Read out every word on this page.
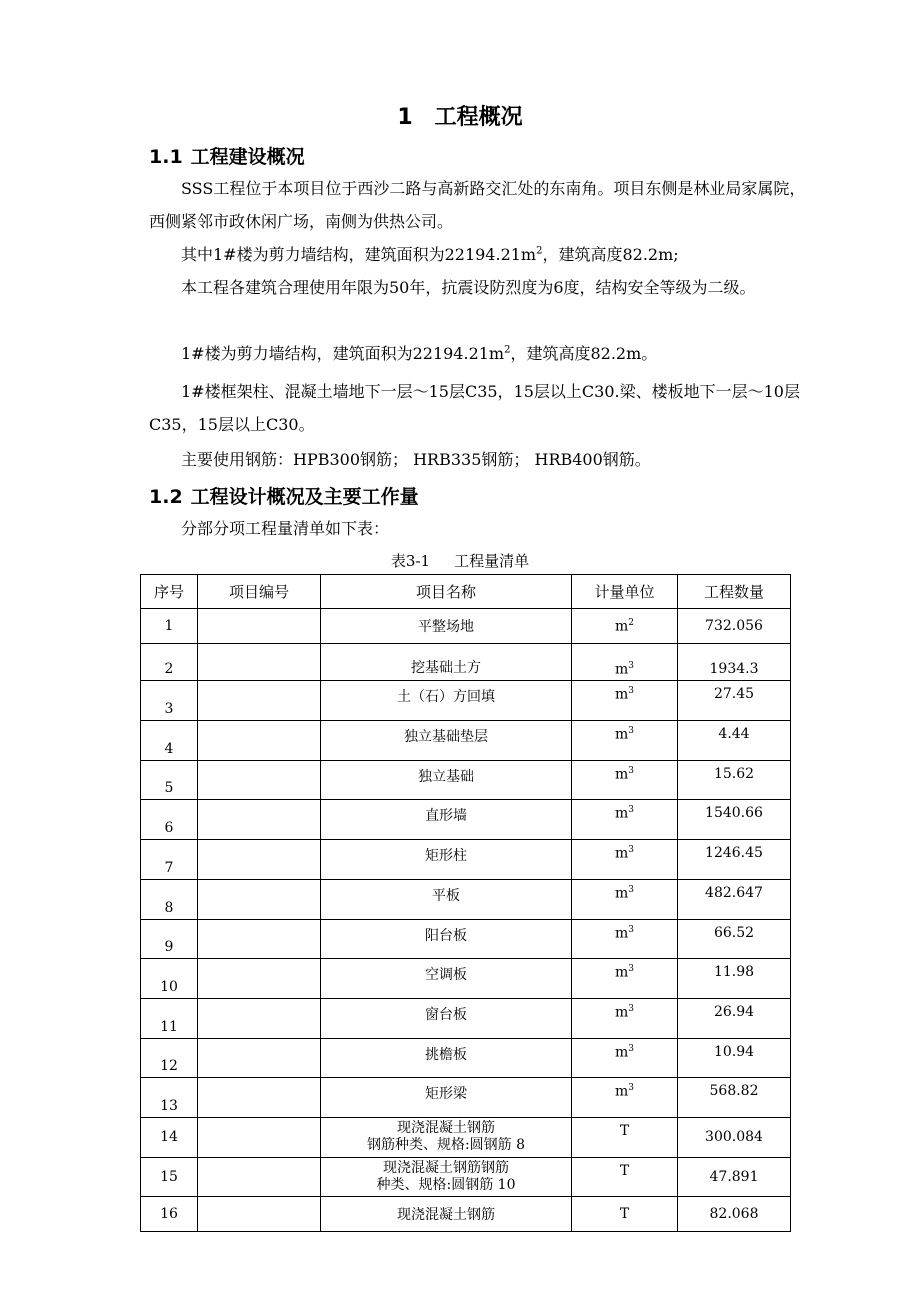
1 工程概况
1.1 工程建设概况

SSS工程位于本项目位于西沙二路与高新路交汇处的东南角。项目东侧是林业局家属院，西侧紧邻市政休闲广场，南侧为供热公司。

其中1#楼为剪力墙结构，建筑面积为$22194.21m^2$，建筑高度82.2m;

本工程各建筑合理使用年限为50年，抗震设防烈度为6度，结构安全等级为二级。

1#楼为剪力墙结构，建筑面积为$22194.21m^2$，建筑高度82.2m。

1#楼框架柱、混凝土墙地下一层～15层C35，15层以上C30.梁、楼板地下一层～10层C35，15层以上C30。

主要使用钢筋：HPB300钢筋； HRB335钢筋； HRB400钢筋。

1.2 工程设计概况及主要工作量

分部分项工程量清单如下表：

表3-1 工程量清单
序号	项目编号	项目名称	计量单位	工程数量
1		平整场地	$m^2$	732.056
2		挖基础土方	$m^3$	1934.3
3		土（石）方回填	$m^3$	27.45
4		独立基础垫层	$m^3$	4.44
5		独立基础	$m^3$	15.62
6		直形墙	$m^3$	1540.66
7		矩形柱	$m^3$	1246.45
8		平板	$m^3$	482.647
9		阳台板	$m^3$	66.52
10		空调板	$m^3$	11.98
11		窗台板	$m^3$	26.94
12		挑檐板	$m^3$	10.94
13		矩形梁	$m^3$	568.82
14		现浇混凝土钢筋
钢筋种类、规格:圆钢筋 8	T	300.084
15		现浇混凝土钢筋钢筋
种类、规格:圆钢筋 10	T	47.891
16		现浇混凝土钢筋	T	82.068
